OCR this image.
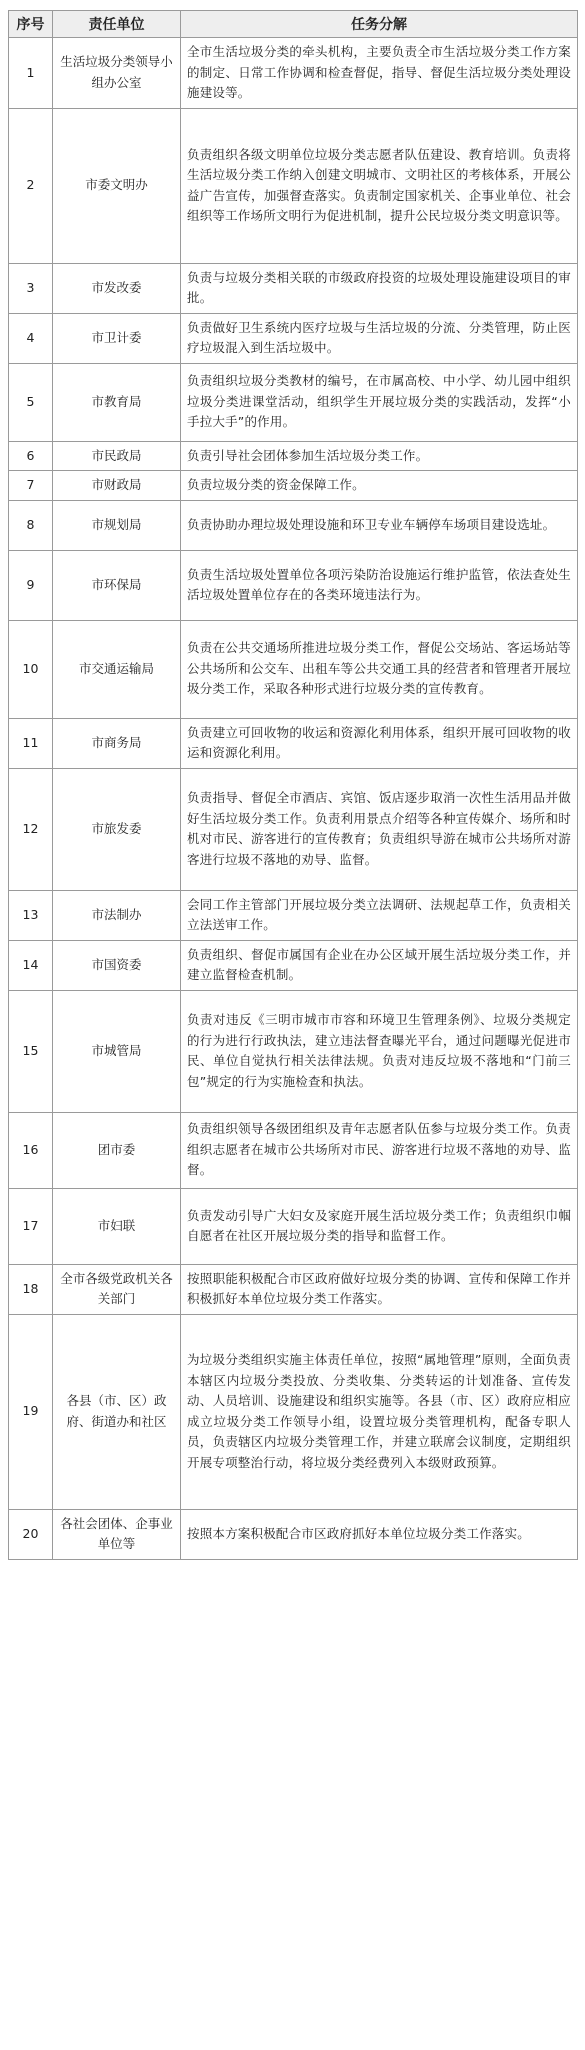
序号	责任单位	任务分解
1	生活垃圾分类领导小组办公室	全市生活垃圾分类的牵头机构，主要负责全市生活垃圾分类工作方案的制定、日常工作协调和检查督促，指导、督促生活垃圾分类处理设施建设等。
2	市委文明办	负责组织各级文明单位垃圾分类志愿者队伍建设、教育培训。负责将生活垃圾分类工作纳入创建文明城市、文明社区的考核体系，开展公益广告宣传，加强督查落实。负责制定国家机关、企事业单位、社会组织等工作场所文明行为促进机制，提升公民垃圾分类文明意识等。
3	市发改委	负责与垃圾分类相关联的市级政府投资的垃圾处理设施建设项目的审批。
4	市卫计委	负责做好卫生系统内医疗垃圾与生活垃圾的分流、分类管理，防止医疗垃圾混入到生活垃圾中。
5	市教育局	负责组织垃圾分类教材的编号，在市属高校、中小学、幼儿园中组织垃圾分类进课堂活动，组织学生开展垃圾分类的实践活动，发挥“小手拉大手”的作用。
6	市民政局	负责引导社会团体参加生活垃圾分类工作。
7	市财政局	负责垃圾分类的资金保障工作。
8	市规划局	负责协助办理垃圾处理设施和环卫专业车辆停车场项目建设选址。
9	市环保局	负责生活垃圾处置单位各项污染防治设施运行维护监管，依法查处生活垃圾处置单位存在的各类环境违法行为。
10	市交通运输局	负责在公共交通场所推进垃圾分类工作，督促公交场站、客运场站等公共场所和公交车、出租车等公共交通工具的经营者和管理者开展垃圾分类工作，采取各种形式进行垃圾分类的宣传教育。
11	市商务局	负责建立可回收物的收运和资源化利用体系，组织开展可回收物的收运和资源化利用。
12	市旅发委	负责指导、督促全市酒店、宾馆、饭店逐步取消一次性生活用品并做好生活垃圾分类工作。负责利用景点介绍等各种宣传媒介、场所和时机对市民、游客进行的宣传教育；负责组织导游在城市公共场所对游客进行垃圾不落地的劝导、监督。
13	市法制办	会同工作主管部门开展垃圾分类立法调研、法规起草工作，负责相关立法送审工作。
14	市国资委	负责组织、督促市属国有企业在办公区域开展生活垃圾分类工作，并建立监督检查机制。
15	市城管局	负责对违反《三明市城市市容和环境卫生管理条例》、垃圾分类规定的行为进行行政执法，建立违法督查曝光平台，通过问题曝光促进市民、单位自觉执行相关法律法规。负责对违反垃圾不落地和“门前三包”规定的行为实施检查和执法。
16	团市委	负责组织领导各级团组织及青年志愿者队伍参与垃圾分类工作。负责组织志愿者在城市公共场所对市民、游客进行垃圾不落地的劝导、监督。
17	市妇联	负责发动引导广大妇女及家庭开展生活垃圾分类工作；负责组织巾帼自愿者在社区开展垃圾分类的指导和监督工作。
18	全市各级党政机关各关部门	按照职能积极配合市区政府做好垃圾分类的协调、宣传和保障工作并积极抓好本单位垃圾分类工作落实。
19	各县（市、区）政府、街道办和社区	为垃圾分类组织实施主体责任单位，按照“属地管理”原则，全面负责本辖区内垃圾分类投放、分类收集、分类转运的计划准备、宣传发动、人员培训、设施建设和组织实施等。各县（市、区）政府应相应成立垃圾分类工作领导小组，设置垃圾分类管理机构，配备专职人员，负责辖区内垃圾分类管理工作，并建立联席会议制度，定期组织开展专项整治行动，将垃圾分类经费列入本级财政预算。
20	各社会团体、企事业单位等	按照本方案积极配合市区政府抓好本单位垃圾分类工作落实。
